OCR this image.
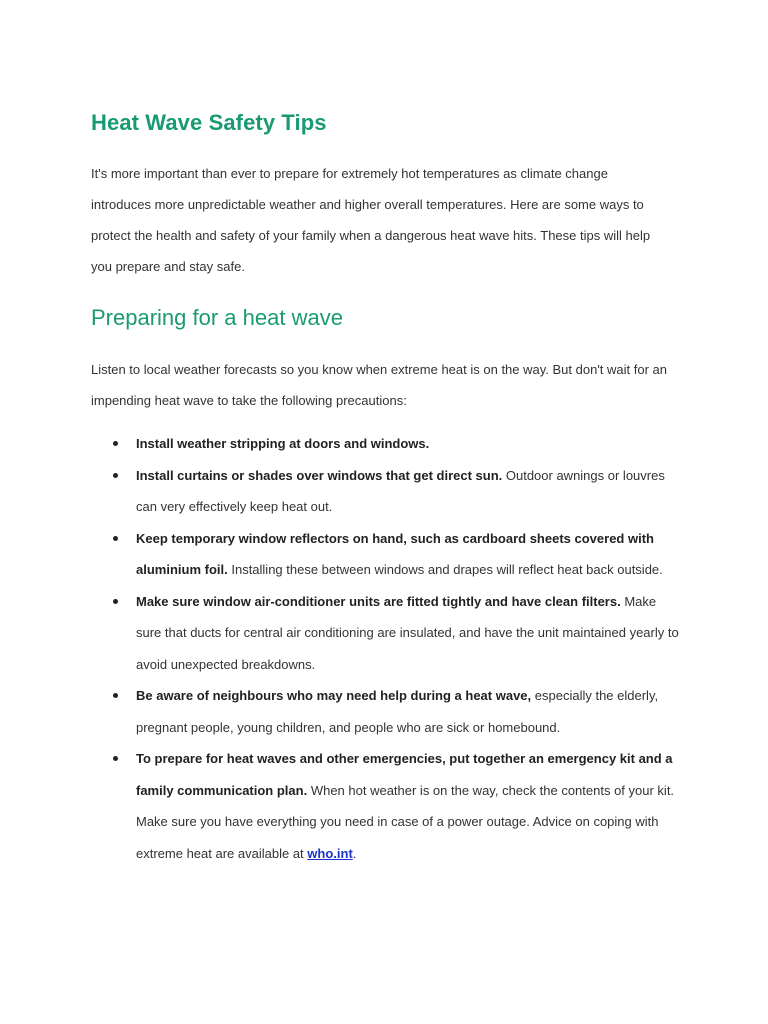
Heat Wave Safety Tips

It's more important than ever to prepare for extremely hot temperatures as climate change introduces more unpredictable weather and higher overall temperatures. Here are some ways to protect the health and safety of your family when a dangerous heat wave hits. These tips will help you prepare and stay safe.

Preparing for a heat wave

Listen to local weather forecasts so you know when extreme heat is on the way. But don't wait for an impending heat wave to take the following precautions:

Install weather stripping at doors and windows.
Install curtains or shades over windows that get direct sun. Outdoor awnings or louvres can very effectively keep heat out.
Keep temporary window reflectors on hand, such as cardboard sheets covered with aluminium foil. Installing these between windows and drapes will reflect heat back outside.
Make sure window air-conditioner units are fitted tightly and have clean filters. Make sure that ducts for central air conditioning are insulated, and have the unit maintained yearly to avoid unexpected breakdowns.
Be aware of neighbours who may need help during a heat wave, especially the elderly, pregnant people, young children, and people who are sick or homebound.
To prepare for heat waves and other emergencies, put together an emergency kit and a family communication plan. When hot weather is on the way, check the contents of your kit. Make sure you have everything you need in case of a power outage. Advice on coping with extreme heat are available at who.int.
